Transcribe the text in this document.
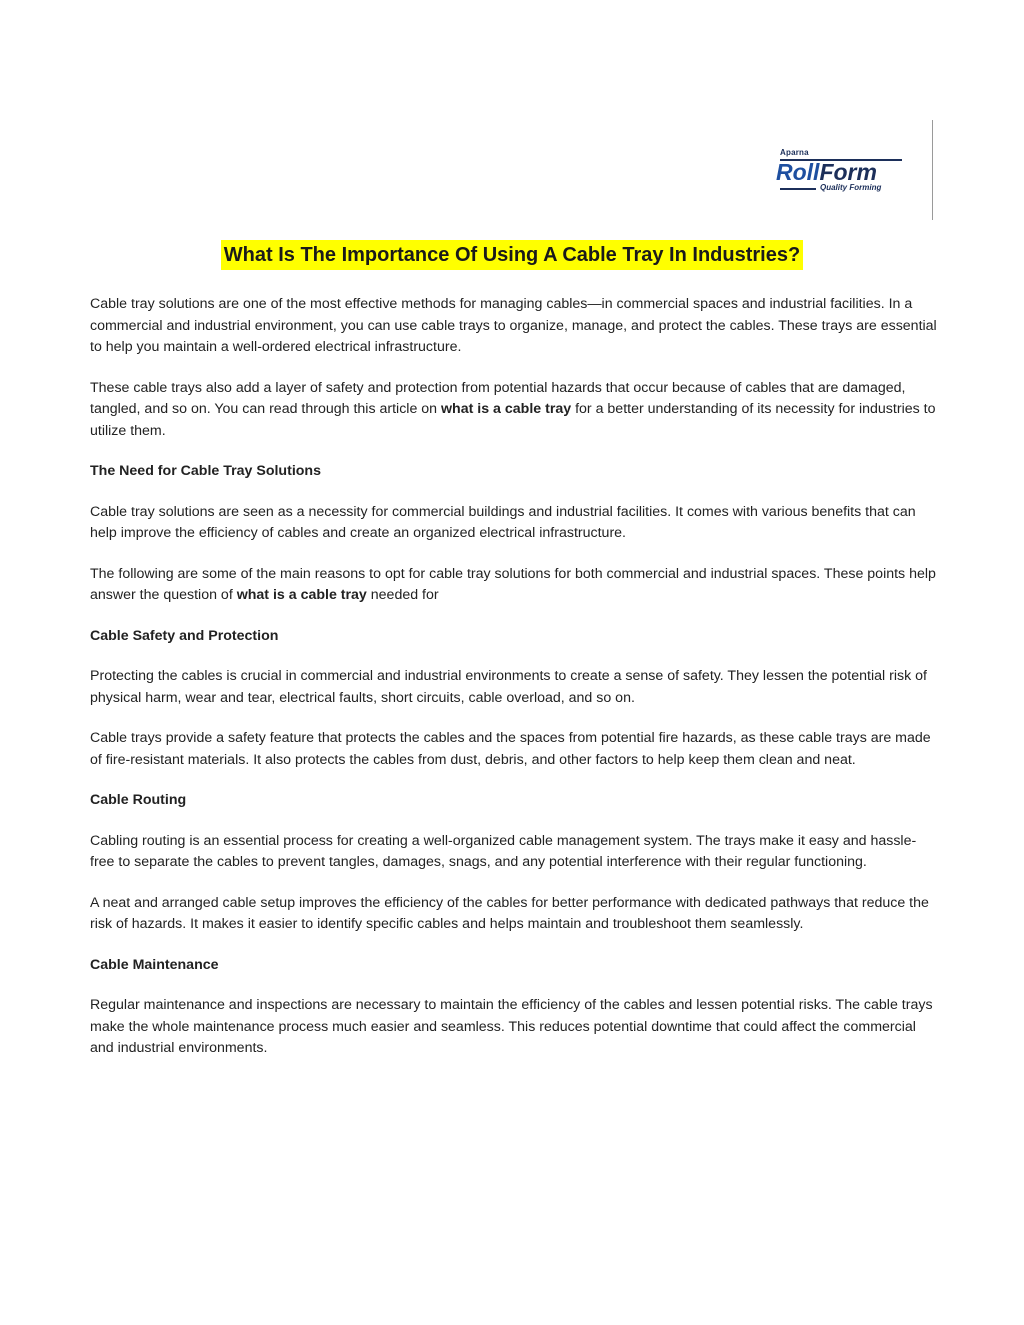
Aparna
RollForm
Quality Forming
What Is The Importance Of Using A Cable Tray In Industries?

Cable tray solutions are one of the most effective methods for managing cables—in commercial spaces and industrial facilities. In a commercial and industrial environment, you can use cable trays to organize, manage, and protect the cables. These trays are essential to help you maintain a well-ordered electrical infrastructure.

These cable trays also add a layer of safety and protection from potential hazards that occur because of cables that are damaged, tangled, and so on. You can read through this article on what is a cable tray for a better understanding of its necessity for industries to utilize them.

The Need for Cable Tray Solutions

Cable tray solutions are seen as a necessity for commercial buildings and industrial facilities. It comes with various benefits that can help improve the efficiency of cables and create an organized electrical infrastructure.

The following are some of the main reasons to opt for cable tray solutions for both commercial and industrial spaces. These points help answer the question of what is a cable tray needed for

Cable Safety and Protection

Protecting the cables is crucial in commercial and industrial environments to create a sense of safety. They lessen the potential risk of physical harm, wear and tear, electrical faults, short circuits, cable overload, and so on.

Cable trays provide a safety feature that protects the cables and the spaces from potential fire hazards, as these cable trays are made of fire-resistant materials. It also protects the cables from dust, debris, and other factors to help keep them clean and neat.

Cable Routing

Cabling routing is an essential process for creating a well-organized cable management system. The trays make it easy and hassle-free to separate the cables to prevent tangles, damages, snags, and any potential interference with their regular functioning.

A neat and arranged cable setup improves the efficiency of the cables for better performance with dedicated pathways that reduce the risk of hazards. It makes it easier to identify specific cables and helps maintain and troubleshoot them seamlessly.

Cable Maintenance

Regular maintenance and inspections are necessary to maintain the efficiency of the cables and lessen potential risks. The cable trays make the whole maintenance process much easier and seamless. This reduces potential downtime that could affect the commercial and industrial environments.
